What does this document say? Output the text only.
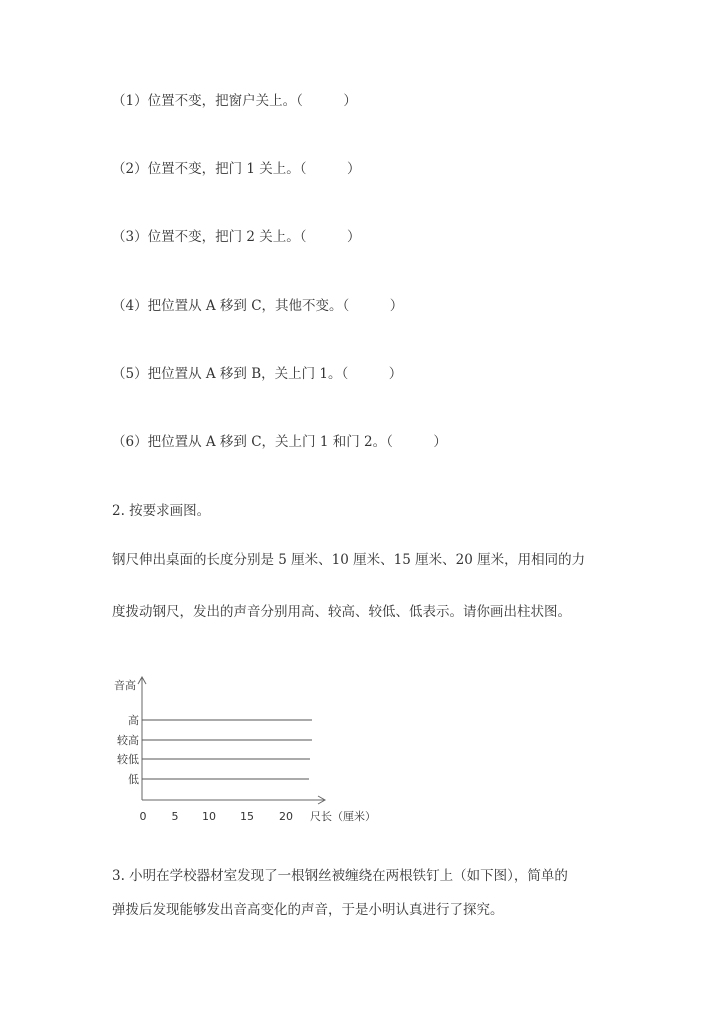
（1）位置不变，把窗户关上。（　　　）
（2）位置不变，把门 1 关上。（　　　）
（3）位置不变，把门 2 关上。（　　　）
（4）把位置从 A 移到 C，其他不变。（　　　）
（5）把位置从 A 移到 B，关上门 1。（　　　）
（6）把位置从 A 移到 C，关上门 1 和门 2。（　　　）
2. 按要求画图。
钢尺伸出桌面的长度分别是 5 厘米、10 厘米、15 厘米、20 厘米，用相同的力
度拨动钢尺，发出的声音分别用高、较高、较低、低表示。请你画出柱状图。
音高
高
较高
较低
低
0 5 10 15 20 尺长（厘米）
3. 小明在学校器材室发现了一根钢丝被缠绕在两根铁钉上（如下图），简单的
弹拨后发现能够发出音高变化的声音，于是小明认真进行了探究。
